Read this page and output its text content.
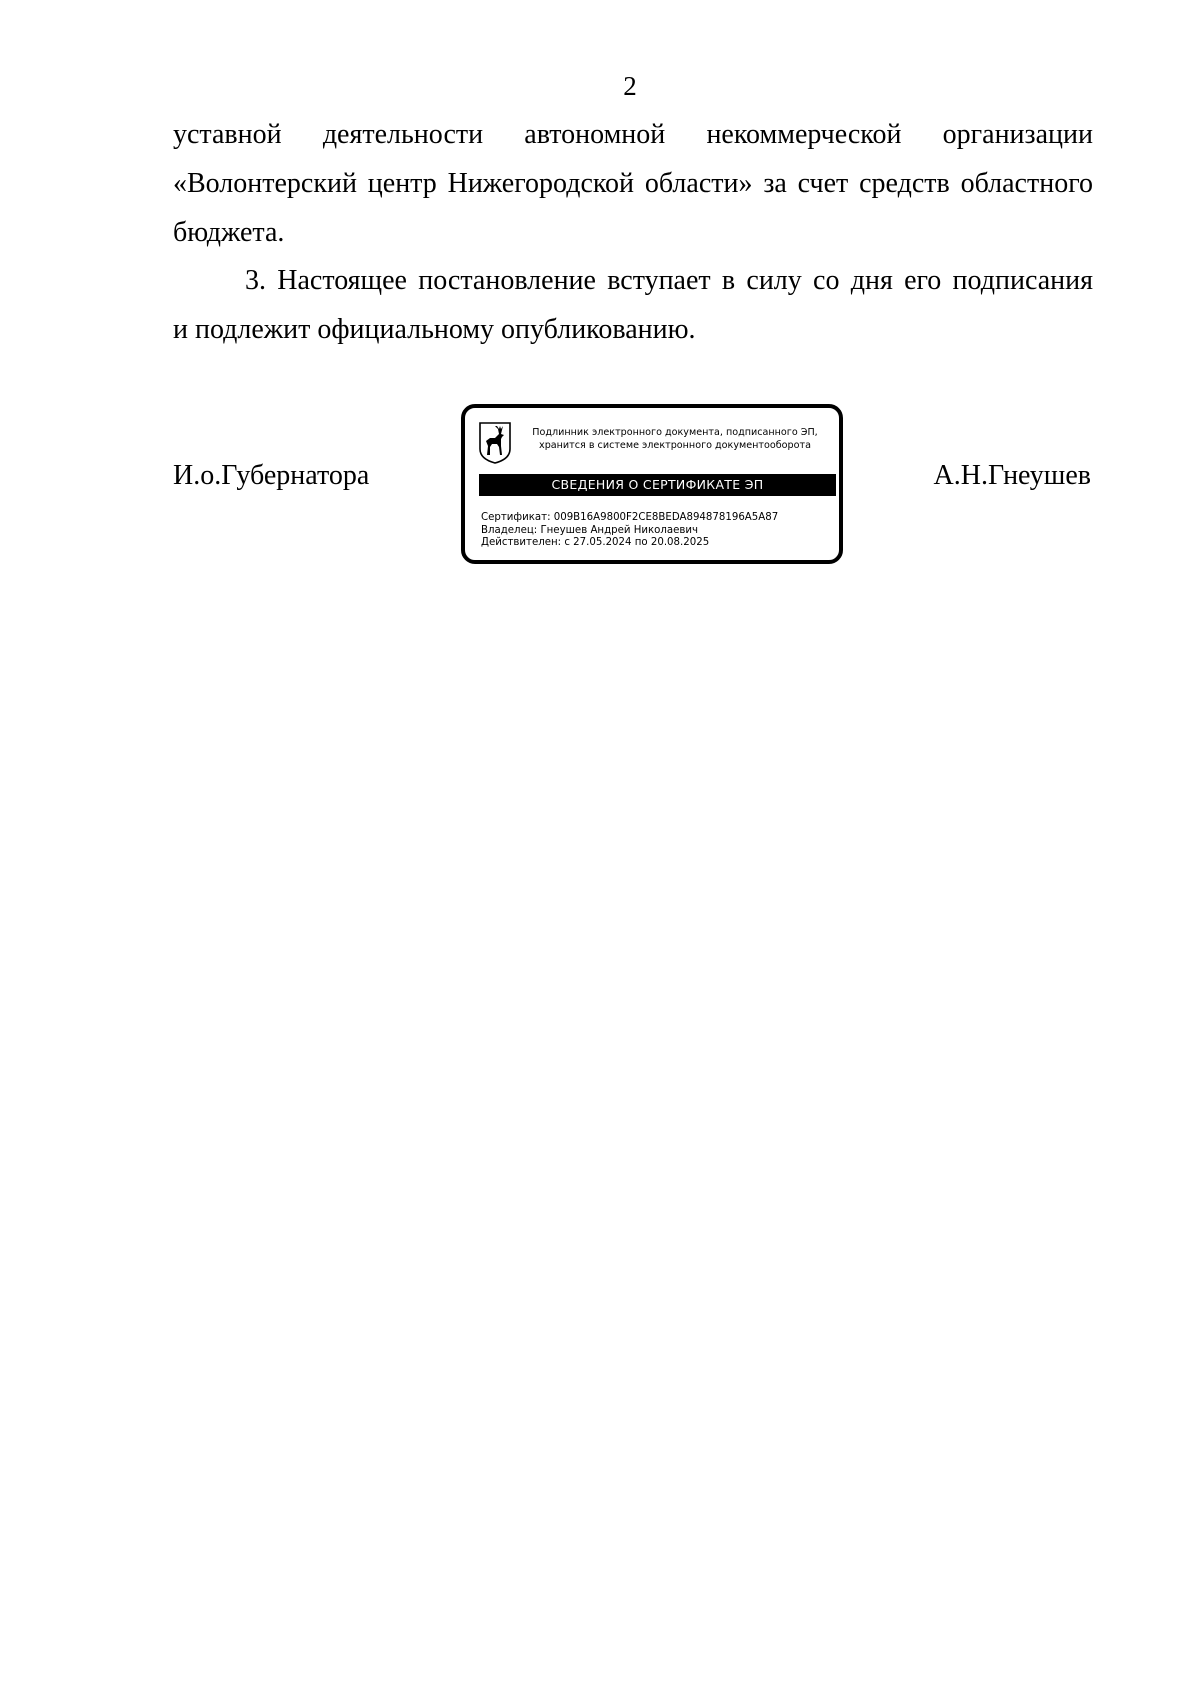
2
уставной деятельности автономной некоммерческой организации
«Волонтерский центр Нижегородской области» за счет средств областного
бюджета.
3. Настоящее постановление вступает в силу со дня его подписания
и подлежит официальному опубликованию.
И.о.Губернатора
Подлинник электронного документа, подписанного ЭП,
хранится в системе электронного документооборота
СВЕДЕНИЯ О СЕРТИФИКАТЕ ЭП
Сертификат: 009B16A9800F2CE8BEDA894878196A5A87
Владелец: Гнеушев Андрей Николаевич
Действителен: с 27.05.2024 по 20.08.2025
А.Н.Гнеушев
